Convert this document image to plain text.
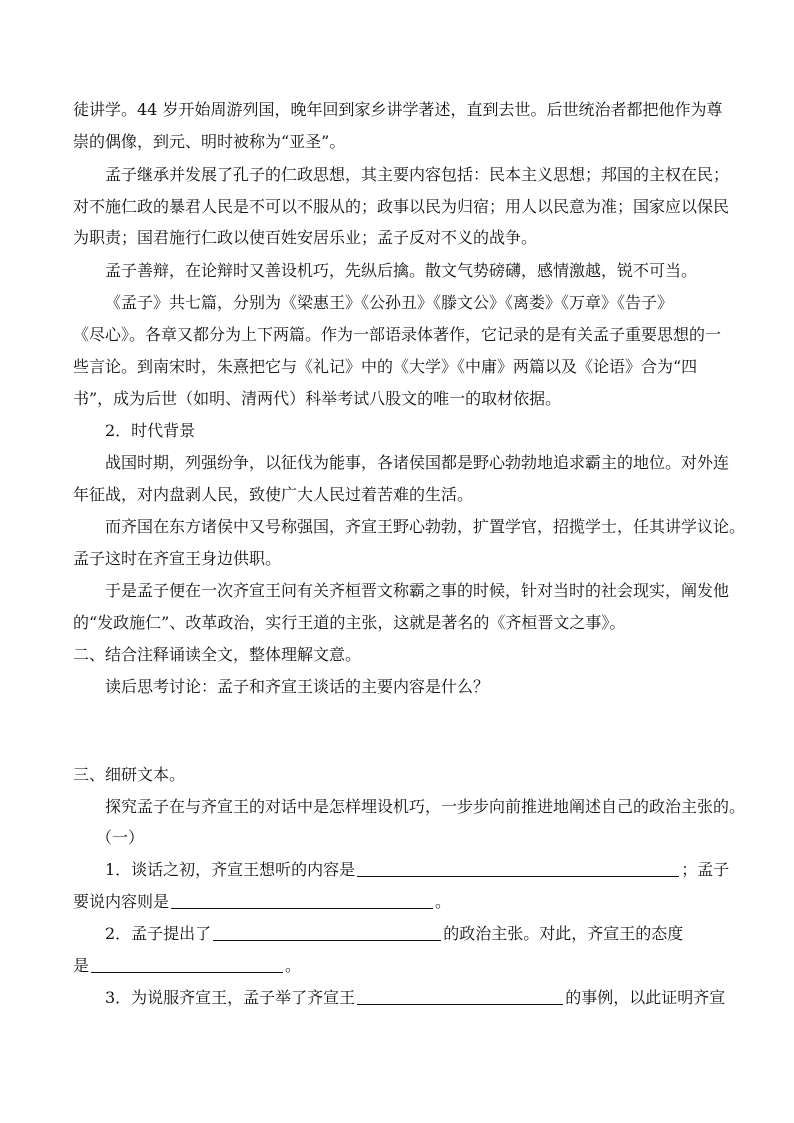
徒讲学。44 岁开始周游列国，晚年回到家乡讲学著述，直到去世。后世统治者都把他作为尊
崇的偶像，到元、明时被称为“亚圣”。
孟子继承并发展了孔子的仁政思想，其主要内容包括：民本主义思想；邦国的主权在民；
对不施仁政的暴君人民是不可以不服从的；政事以民为归宿；用人以民意为准；国家应以保民
为职责；国君施行仁政以使百姓安居乐业；孟子反对不义的战争。
孟子善辩，在论辩时又善设机巧，先纵后擒。散文气势磅礴，感情激越，锐不可当。
《孟子》共七篇，分别为《梁惠王》《公孙丑》《滕文公》《离娄》《万章》《告子》
《尽心》。各章又都分为上下两篇。作为一部语录体著作，它记录的是有关孟子重要思想的一
些言论。到南宋时，朱熹把它与《礼记》中的《大学》《中庸》两篇以及《论语》合为“四
书”，成为后世（如明、清两代）科举考试八股文的唯一的取材依据。
2．时代背景
战国时期，列强纷争，以征伐为能事，各诸侯国都是野心勃勃地追求霸主的地位。对外连
年征战，对内盘剥人民，致使广大人民过着苦难的生活。
而齐国在东方诸侯中又号称强国，齐宣王野心勃勃，扩置学官，招揽学士，任其讲学议论。
孟子这时在齐宣王身边供职。
于是孟子便在一次齐宣王问有关齐桓晋文称霸之事的时候，针对当时的社会现实，阐发他
的“发政施仁”、改革政治，实行王道的主张，这就是著名的《齐桓晋文之事》。
二、结合注释诵读全文，整体理解文意。
读后思考讨论：孟子和齐宣王谈话的主要内容是什么？
三、细研文本。
探究孟子在与齐宣王的对话中是怎样埋设机巧，一步步向前推进地阐述自己的政治主张的。
（一）
1．谈话之初，齐宣王想听的内容是	；孟子
要说内容则是	。
2．孟子提出了	的政治主张。对此，齐宣王的态度
是	。
3．为说服齐宣王，孟子举了齐宣王	的事例，以此证明齐宣
